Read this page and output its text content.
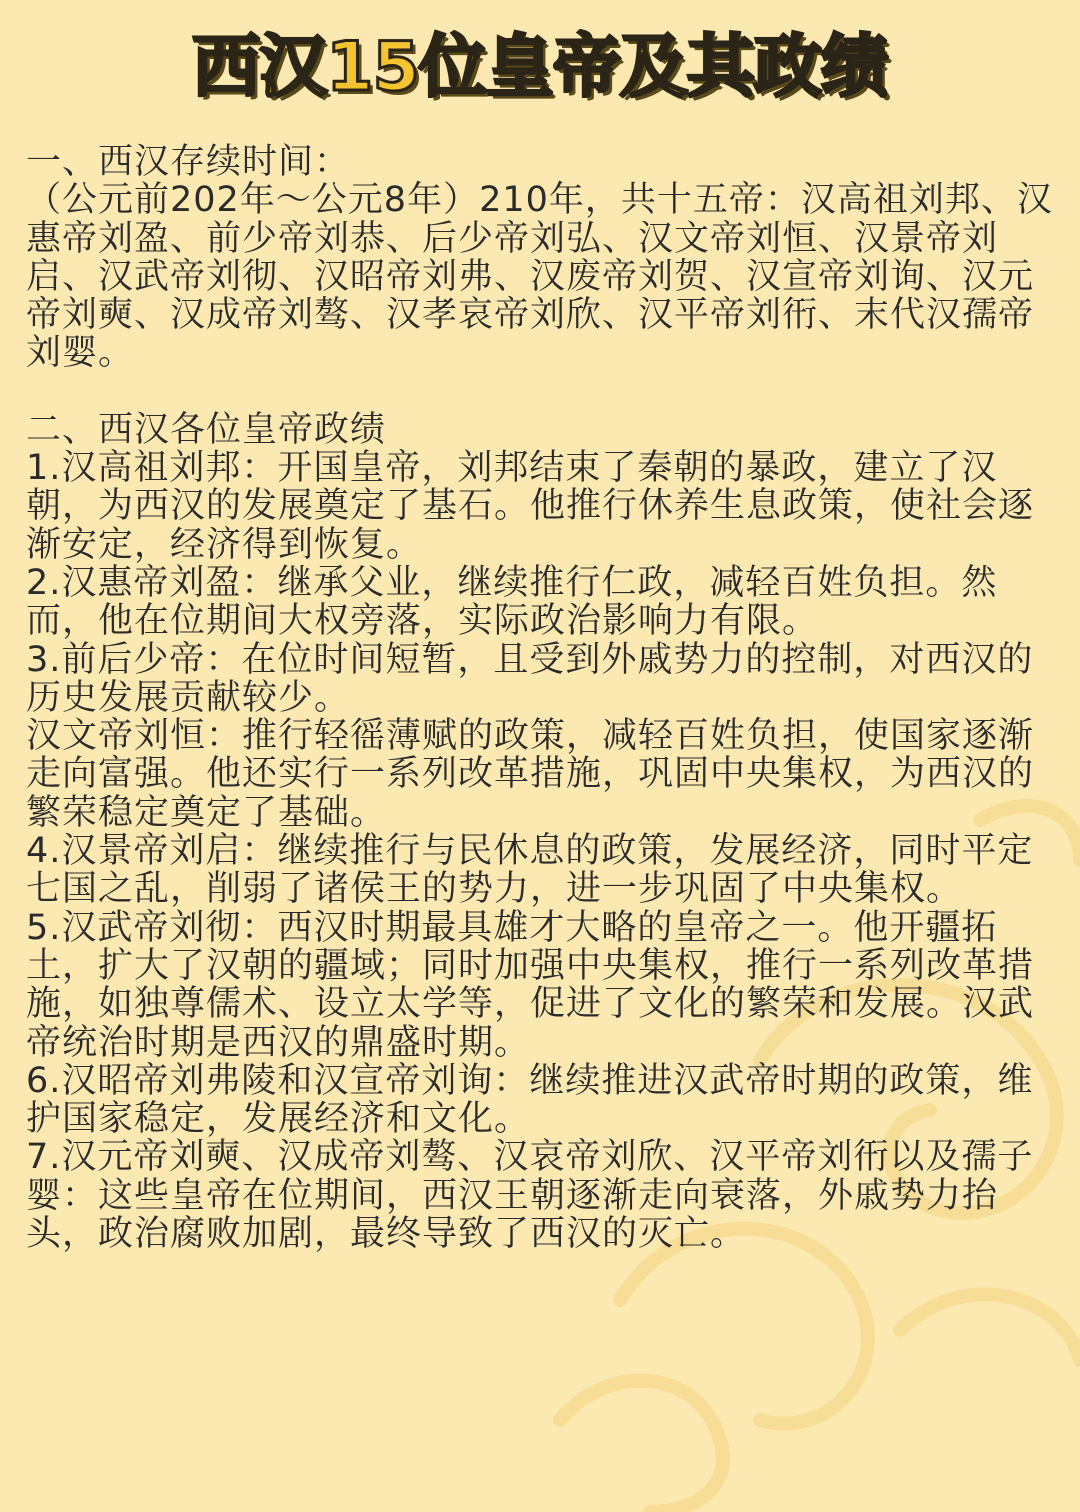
西汉15位皇帝及其政绩

一、西汉存续时间：

（公元前202年～公元8年）210年，共十五帝：汉高祖刘邦、汉惠帝刘盈、前少帝刘恭、后少帝刘弘、汉文帝刘恒、汉景帝刘启、汉武帝刘彻、汉昭帝刘弗、汉废帝刘贺、汉宣帝刘询、汉元帝刘奭、汉成帝刘骜、汉孝哀帝刘欣、汉平帝刘衎、末代汉孺帝刘婴。

二、西汉各位皇帝政绩

1.汉高祖刘邦：开国皇帝，刘邦结束了秦朝的暴政，建立了汉朝，为西汉的发展奠定了基石。他推行休养生息政策，使社会逐渐安定，经济得到恢复。

2.汉惠帝刘盈：继承父业，继续推行仁政，减轻百姓负担。然而，他在位期间大权旁落，实际政治影响力有限。

3.前后少帝：在位时间短暂，且受到外戚势力的控制，对西汉的历史发展贡献较少。

汉文帝刘恒：推行轻徭薄赋的政策，减轻百姓负担，使国家逐渐走向富强。他还实行一系列改革措施，巩固中央集权，为西汉的繁荣稳定奠定了基础。

4.汉景帝刘启：继续推行与民休息的政策，发展经济，同时平定七国之乱，削弱了诸侯王的势力，进一步巩固了中央集权。

5.汉武帝刘彻：西汉时期最具雄才大略的皇帝之一。他开疆拓土，扩大了汉朝的疆域；同时加强中央集权，推行一系列改革措施，如独尊儒术、设立太学等，促进了文化的繁荣和发展。汉武帝统治时期是西汉的鼎盛时期。

6.汉昭帝刘弗陵和汉宣帝刘询：继续推进汉武帝时期的政策，维护国家稳定，发展经济和文化。

7.汉元帝刘奭、汉成帝刘骜、汉哀帝刘欣、汉平帝刘衎以及孺子婴：这些皇帝在位期间，西汉王朝逐渐走向衰落，外戚势力抬头，政治腐败加剧，最终导致了西汉的灭亡。
